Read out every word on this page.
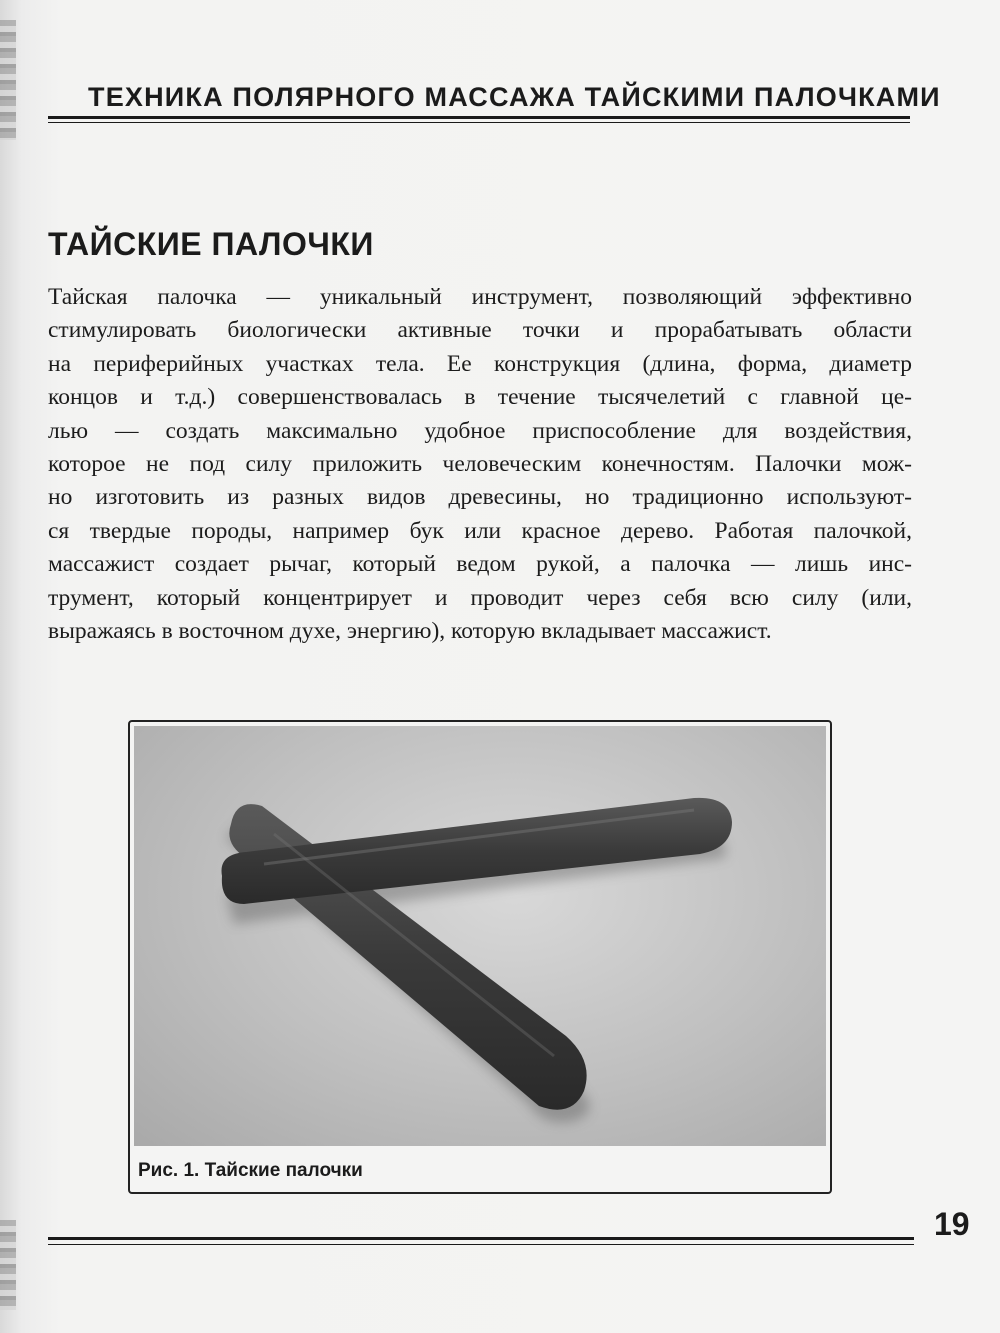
ТЕХНИКА ПОЛЯРНОГО МАССАЖА ТАЙСКИМИ ПАЛОЧКАМИ
ТАЙСКИЕ ПАЛОЧКИ
Тайская палочка — уникальный инструмент, позволяющий эффективно
стимулировать биологически активные точки и прорабатывать области
на периферийных участках тела. Ее конструкция (длина, форма, диаметр
концов и т.д.) совершенствовалась в течение тысячелетий с главной це-
лью — создать максимально удобное приспособление для воздействия,
которое не под силу приложить человеческим конечностям. Палочки мож-
но изготовить из разных видов древесины, но традиционно используют-
ся твердые породы, например бук или красное дерево. Работая палочкой,
массажист создает рычаг, который ведом рукой, а палочка — лишь инс-
трумент, который концентрирует и проводит через себя всю силу (или,
выражаясь в восточном духе, энергию), которую вкладывает массажист.
Рис. 1. Тайские палочки
19
